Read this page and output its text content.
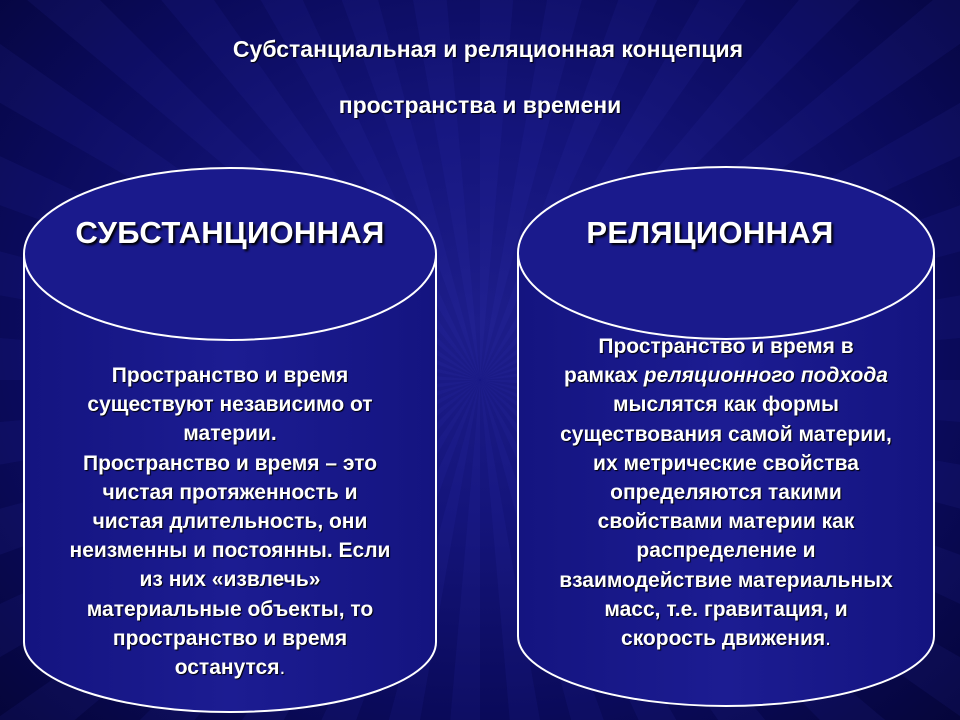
Субстанциальная и реляционная концепция
пространства и времени
СУБСТАНЦИОННАЯ	РЕЛЯЦИОННАЯ
Пространство и время
существуют независимо от
материи.
Пространство и время – это
чистая протяженность и
чистая длительность, они
неизменны и постоянны. Если
из них «извлечь»
материальные объекты, то
пространство и время
останутся.
Пространство и время в
рамках реляционного подхода
мыслятся как формы
существования самой материи,
их метрические свойства
определяются такими
свойствами материи как
распределение и
взаимодействие материальных
масс, т.е. гравитация, и
скорость движения.
